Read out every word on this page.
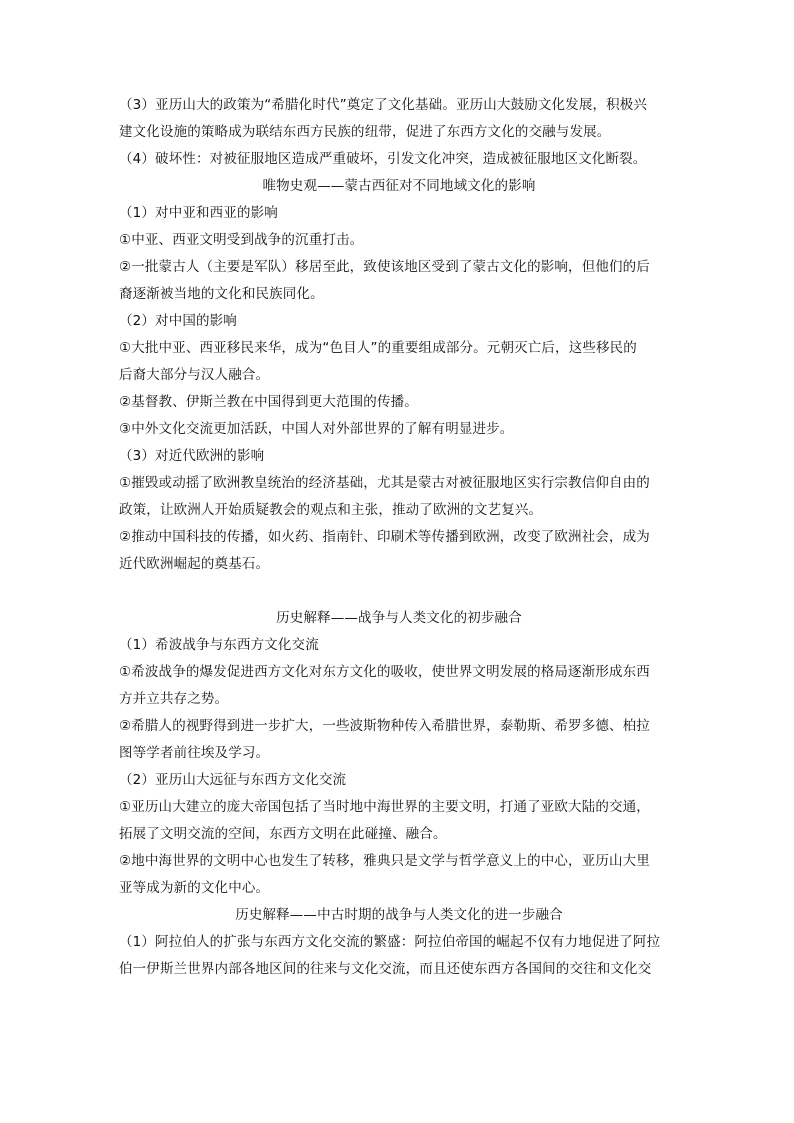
（3）亚历山大的政策为“希腊化时代”奠定了文化基础。亚历山大鼓励文化发展，积极兴
建文化设施的策略成为联结东西方民族的纽带，促进了东西方文化的交融与发展。
（4）破坏性：对被征服地区造成严重破坏，引发文化冲突，造成被征服地区文化断裂。
唯物史观——蒙古西征对不同地域文化的影响
（1）对中亚和西亚的影响
①中亚、西亚文明受到战争的沉重打击。
②一批蒙古人（主要是军队）移居至此，致使该地区受到了蒙古文化的影响，但他们的后
裔逐渐被当地的文化和民族同化。
（2）对中国的影响
①大批中亚、西亚移民来华，成为“色目人”的重要组成部分。元朝灭亡后，这些移民的
后裔大部分与汉人融合。
②基督教、伊斯兰教在中国得到更大范围的传播。
③中外文化交流更加活跃，中国人对外部世界的了解有明显进步。
（3）对近代欧洲的影响
①摧毁或动摇了欧洲教皇统治的经济基础，尤其是蒙古对被征服地区实行宗教信仰自由的
政策，让欧洲人开始质疑教会的观点和主张，推动了欧洲的文艺复兴。
②推动中国科技的传播，如火药、指南针、印刷术等传播到欧洲，改变了欧洲社会，成为
近代欧洲崛起的奠基石。
历史解释——战争与人类文化的初步融合
（1）希波战争与东西方文化交流
①希波战争的爆发促进西方文化对东方文化的吸收，使世界文明发展的格局逐渐形成东西
方并立共存之势。
②希腊人的视野得到进一步扩大，一些波斯物种传入希腊世界，泰勒斯、希罗多德、柏拉
图等学者前往埃及学习。
（2）亚历山大远征与东西方文化交流
①亚历山大建立的庞大帝国包括了当时地中海世界的主要文明，打通了亚欧大陆的交通，
拓展了文明交流的空间，东西方文明在此碰撞、融合。
②地中海世界的文明中心也发生了转移，雅典只是文学与哲学意义上的中心，亚历山大里
亚等成为新的文化中心。
历史解释——中古时期的战争与人类文化的进一步融合
（1）阿拉伯人的扩张与东西方文化交流的繁盛：阿拉伯帝国的崛起不仅有力地促进了阿拉
伯一伊斯兰世界内部各地区间的往来与文化交流，而且还使东西方各国间的交往和文化交
